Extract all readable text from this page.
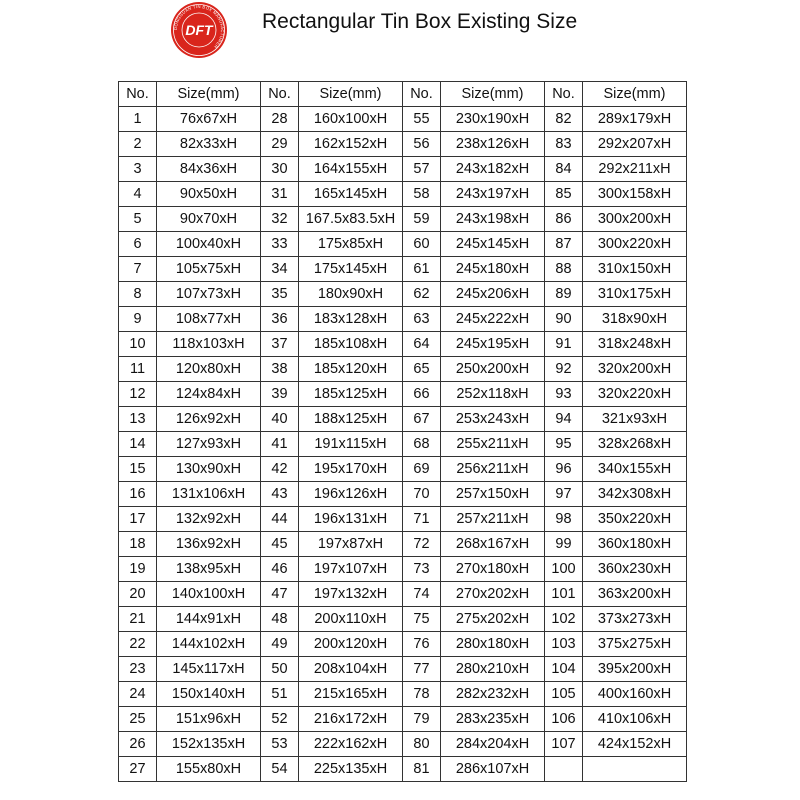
DONGGUAN TIN BOX MANUFACTURER
DFT Rectangular Tin Box Existing Size
No.	Size(mm)	No.	Size(mm)	No.	Size(mm)	No.	Size(mm)
1	76x67xH	28	160x100xH	55	230x190xH	82	289x179xH
2	82x33xH	29	162x152xH	56	238x126xH	83	292x207xH
3	84x36xH	30	164x155xH	57	243x182xH	84	292x211xH
4	90x50xH	31	165x145xH	58	243x197xH	85	300x158xH
5	90x70xH	32	167.5x83.5xH	59	243x198xH	86	300x200xH
6	100x40xH	33	175x85xH	60	245x145xH	87	300x220xH
7	105x75xH	34	175x145xH	61	245x180xH	88	310x150xH
8	107x73xH	35	180x90xH	62	245x206xH	89	310x175xH
9	108x77xH	36	183x128xH	63	245x222xH	90	318x90xH
10	118x103xH	37	185x108xH	64	245x195xH	91	318x248xH
11	120x80xH	38	185x120xH	65	250x200xH	92	320x200xH
12	124x84xH	39	185x125xH	66	252x118xH	93	320x220xH
13	126x92xH	40	188x125xH	67	253x243xH	94	321x93xH
14	127x93xH	41	191x115xH	68	255x211xH	95	328x268xH
15	130x90xH	42	195x170xH	69	256x211xH	96	340x155xH
16	131x106xH	43	196x126xH	70	257x150xH	97	342x308xH
17	132x92xH	44	196x131xH	71	257x211xH	98	350x220xH
18	136x92xH	45	197x87xH	72	268x167xH	99	360x180xH
19	138x95xH	46	197x107xH	73	270x180xH	100	360x230xH
20	140x100xH	47	197x132xH	74	270x202xH	101	363x200xH
21	144x91xH	48	200x110xH	75	275x202xH	102	373x273xH
22	144x102xH	49	200x120xH	76	280x180xH	103	375x275xH
23	145x117xH	50	208x104xH	77	280x210xH	104	395x200xH
24	150x140xH	51	215x165xH	78	282x232xH	105	400x160xH
25	151x96xH	52	216x172xH	79	283x235xH	106	410x106xH
26	152x135xH	53	222x162xH	80	284x204xH	107	424x152xH
27	155x80xH	54	225x135xH	81	286x107xH		
